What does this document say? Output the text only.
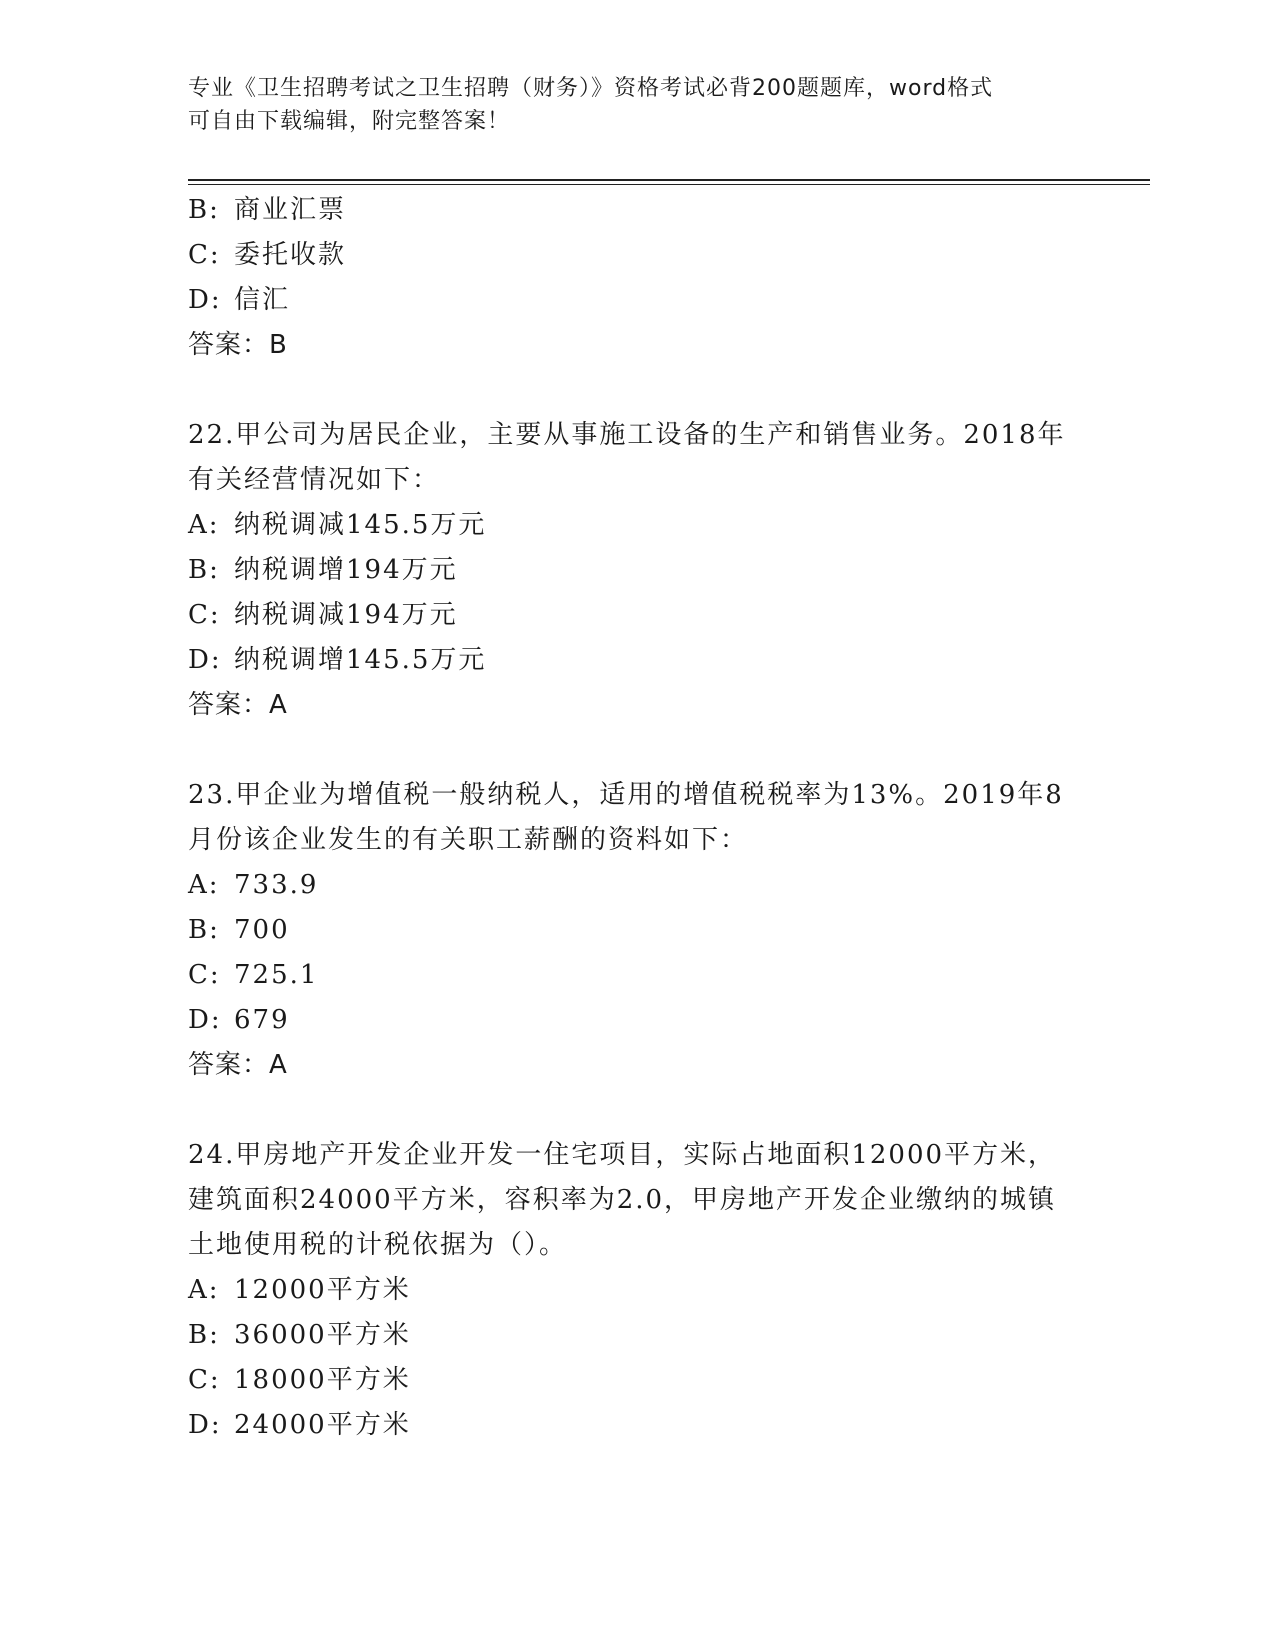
专业《卫生招聘考试之卫生招聘（财务）》资格考试必背200题题库，word格式
可自由下载编辑，附完整答案！
B: 商业汇票
C: 委托收款
D: 信汇
答案：B
22.甲公司为居民企业，主要从事施工设备的生产和销售业务。2018年
有关经营情况如下：
A: 纳税调减145.5万元
B: 纳税调增194万元
C: 纳税调减194万元
D: 纳税调增145.5万元
答案：A
23.甲企业为增值税一般纳税人，适用的增值税税率为13%。2019年8
月份该企业发生的有关职工薪酬的资料如下：
A: 733.9
B: 700
C: 725.1
D: 679
答案：A
24.甲房地产开发企业开发一住宅项目，实际占地面积12000平方米，
建筑面积24000平方米，容积率为2.0，甲房地产开发企业缴纳的城镇
土地使用税的计税依据为（）。
A: 12000平方米
B: 36000平方米
C: 18000平方米
D: 24000平方米
